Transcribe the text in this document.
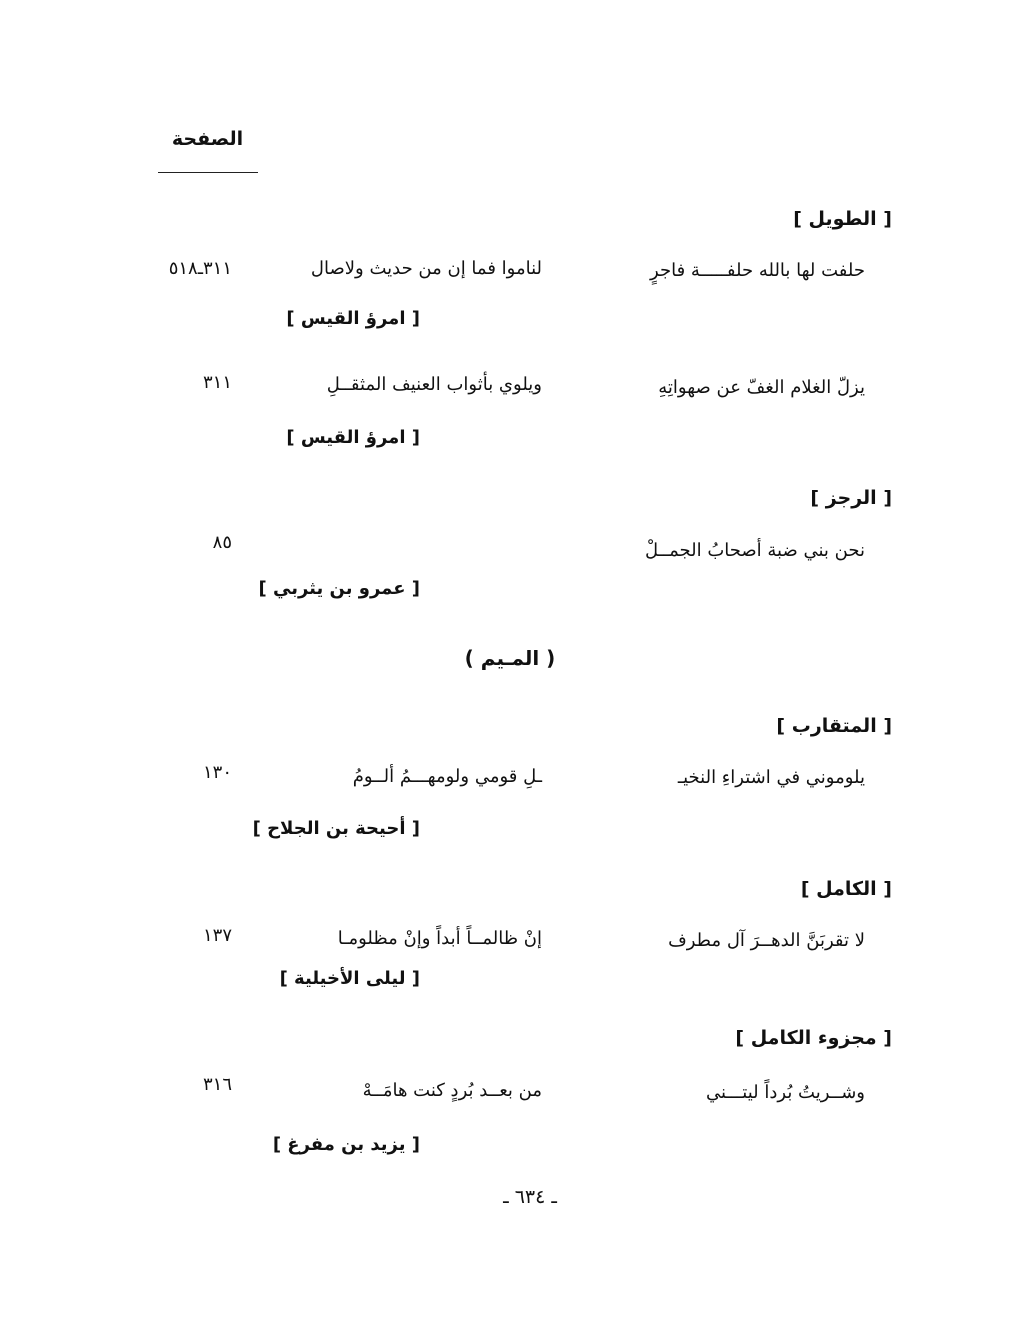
الصفحة
[ الطويل ]
حلفت لها بالله حلفـــــة فاجرٍ
لناموا فما إن من حديث ولاصال
٣١١ـ٥١٨
[ امرؤ القيس ]
يزلّ الغلام الغفّ عن صهواتِهِ
ويلوي بأثواب العنيف المثقــلِ
٣١١
[ امرؤ القيس ]
[ الرجز ]
نحن بني ضبة أصحابُ الجمــلْ
٨٥
[ عمرو بن يثربي ]
( المـيم )
[ المتقارب ]
يلوموني في اشتراءِ النخيـ
ـلِ قومي ولومهـــمُ ألــومُ
١٣٠
[ أحيحة بن الجلاح ]
[ الكامل ]
لا تقربَنَّ الدهــرَ آل مطرف
إنْ ظالمــاً أبداً وإنْ مظلومـا
١٣٧
[ ليلى الأخيلية ]
[ مجزوء الكامل ]
وشــريتُ بُرداً ليتـــني
من بعــد بُردٍ كنت هامَــهْ
٣١٦
[ يزيد بن مفرغ ]
ـ ٦٣٤ ـ
